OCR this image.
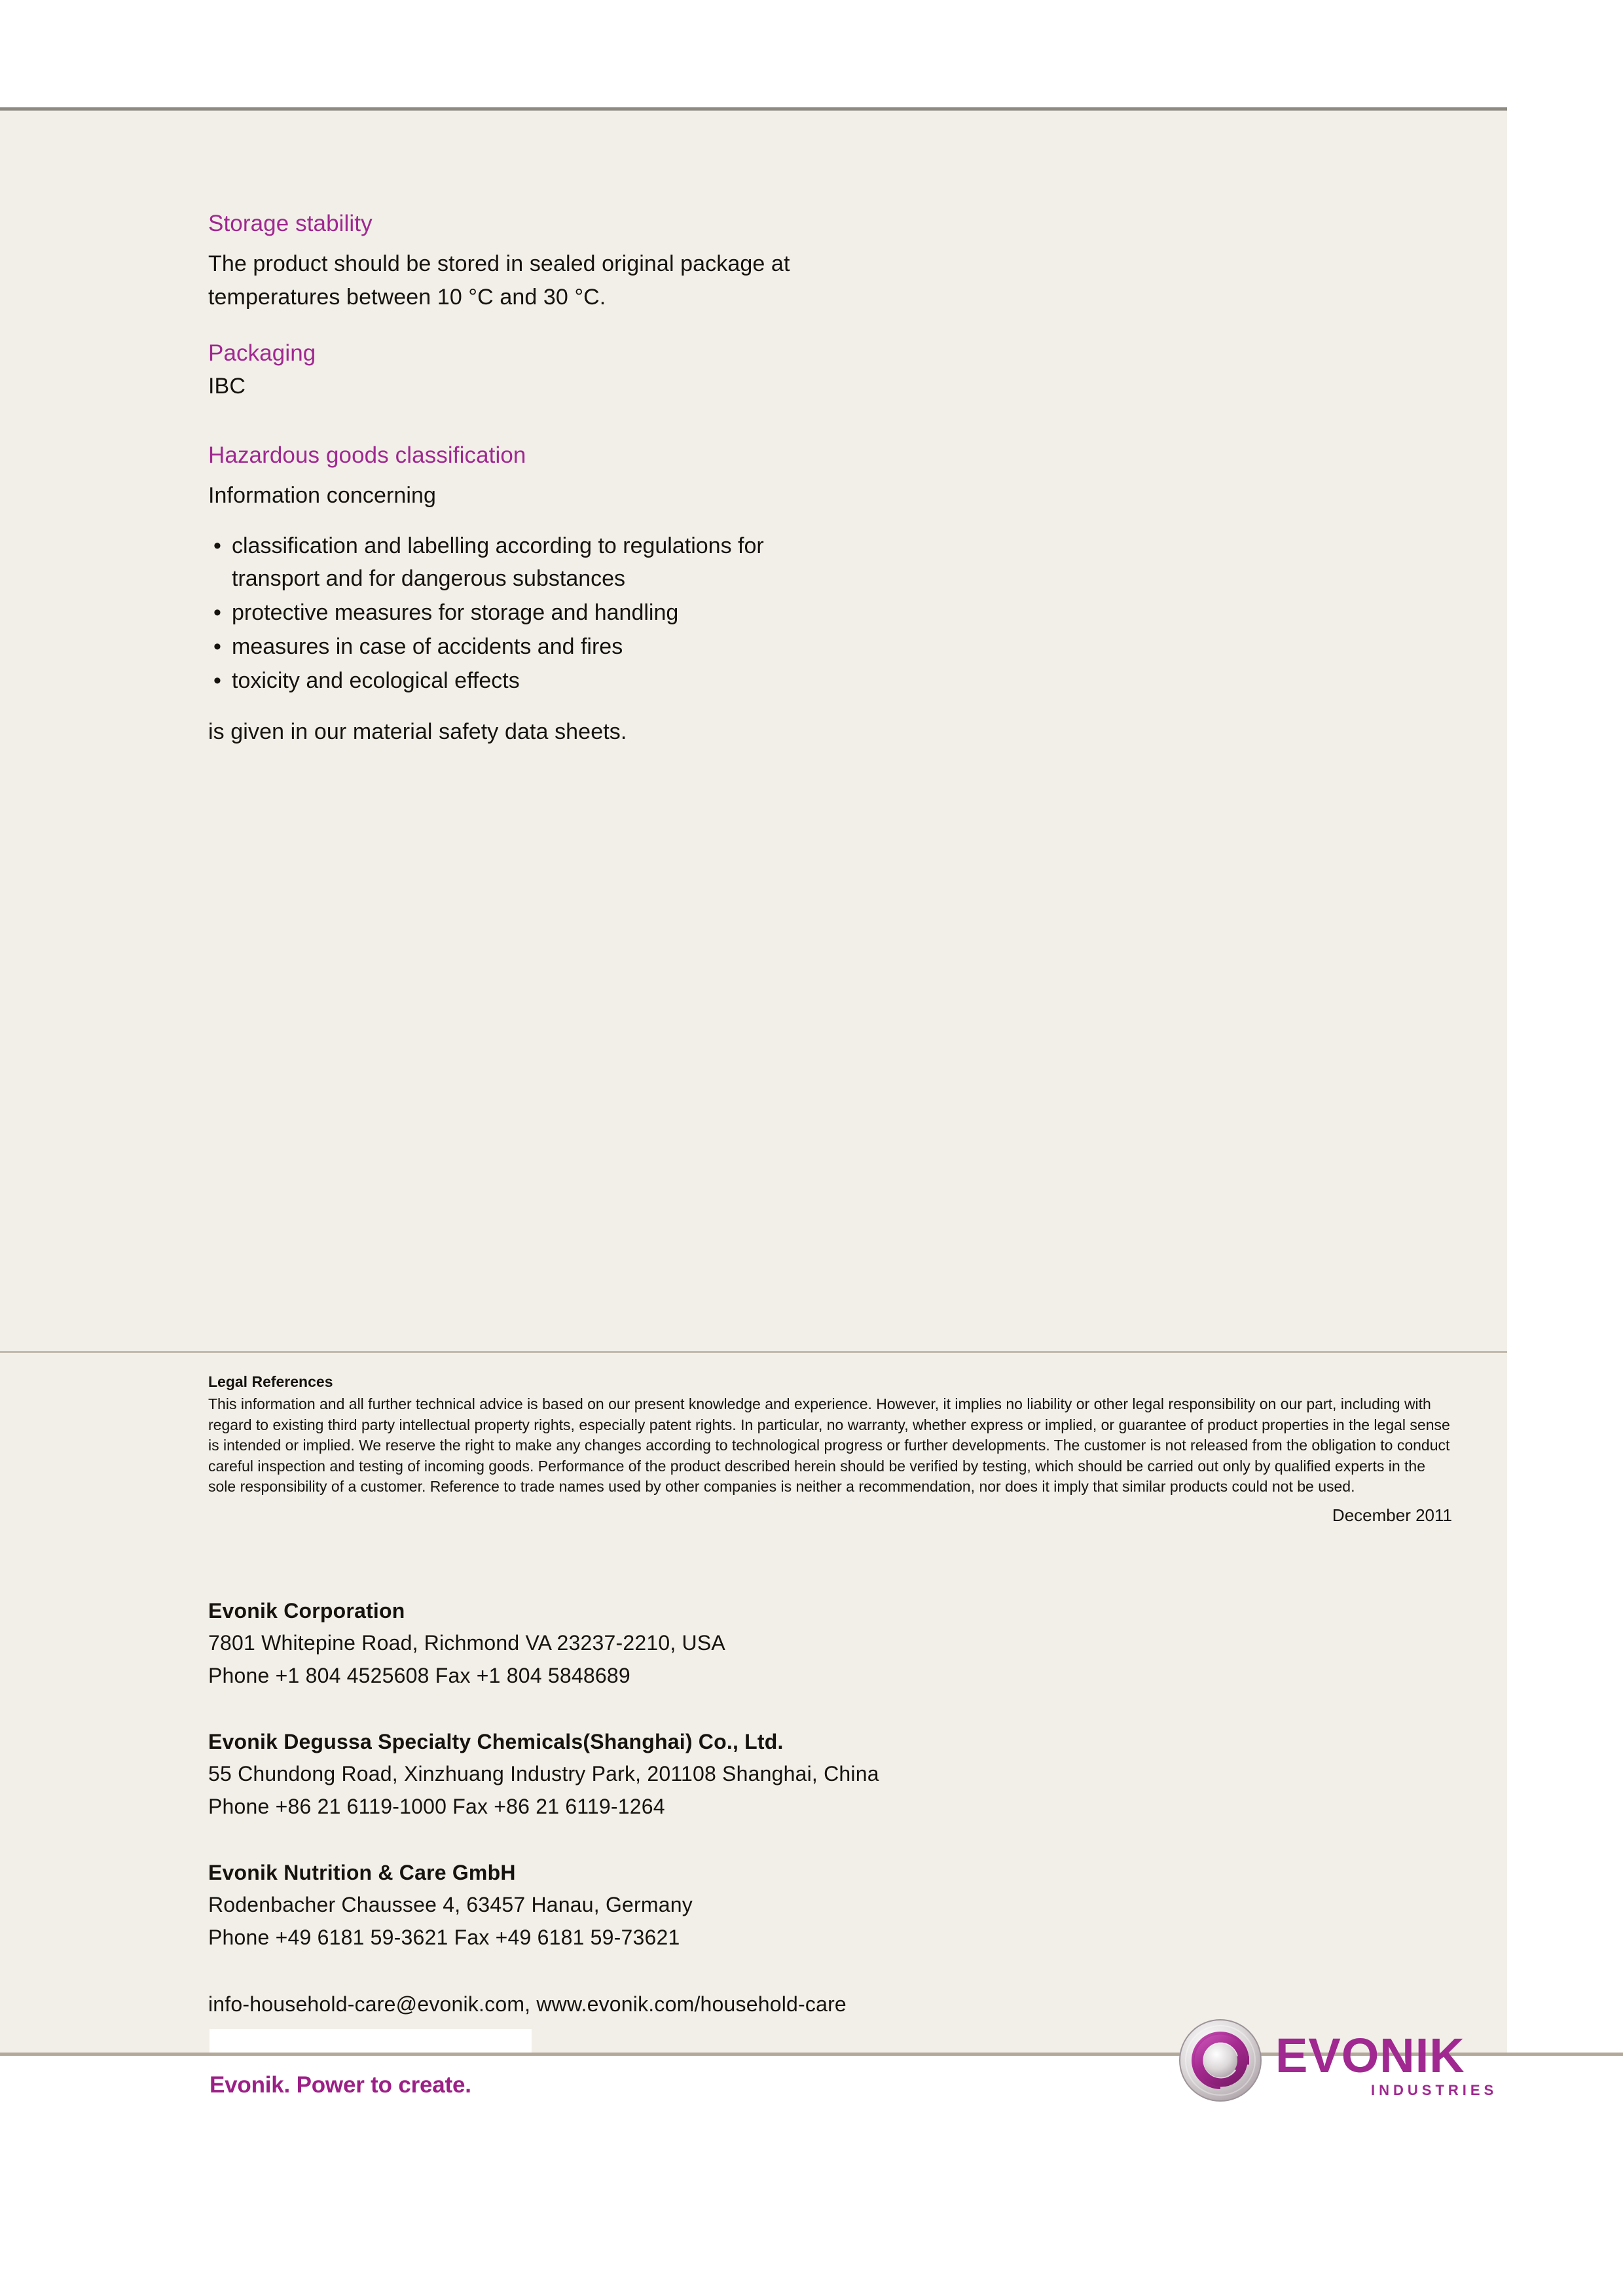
Storage stability

The product should be stored in sealed original package at temperatures between 10 °C and 30 °C.

Packaging

IBC

Hazardous goods classification

Information concerning

• classification and labelling according to regulations for transport and for dangerous substances
• protective measures for storage and handling
• measures in case of accidents and fires
• toxicity and ecological effects

is given in our material safety data sheets.

Legal References

This information and all further technical advice is based on our present knowledge and experience. However, it implies no liability or other legal responsibility on our part, including with regard to existing third party intellectual property rights, especially patent rights. In particular, no warranty, whether express or implied, or guarantee of product properties in the legal sense is intended or implied. We reserve the right to make any changes according to technological progress or further developments. The customer is not released from the obligation to conduct careful inspection and testing of incoming goods. Performance of the product described herein should be verified by testing, which should be carried out only by qualified experts in the sole responsibility of a customer. Reference to trade names used by other companies is neither a recommendation, nor does it imply that similar products could not be used.

December 2011

Evonik Corporation

7801 Whitepine Road, Richmond VA 23237-2210, USA

Phone +1 804 4525608 Fax +1 804 5848689

Evonik Degussa Specialty Chemicals(Shanghai) Co., Ltd.

55 Chundong Road, Xinzhuang Industry Park, 201108 Shanghai, China

Phone +86 21 6119-1000 Fax +86 21 6119-1264

Evonik Nutrition & Care GmbH

Rodenbacher Chaussee 4, 63457 Hanau, Germany

Phone +49 6181 59-3621 Fax +49 6181 59-73621

info-household-care@evonik.com, www.evonik.com/household-care

Evonik. Power to create.
EVONIK
INDUSTRIES
